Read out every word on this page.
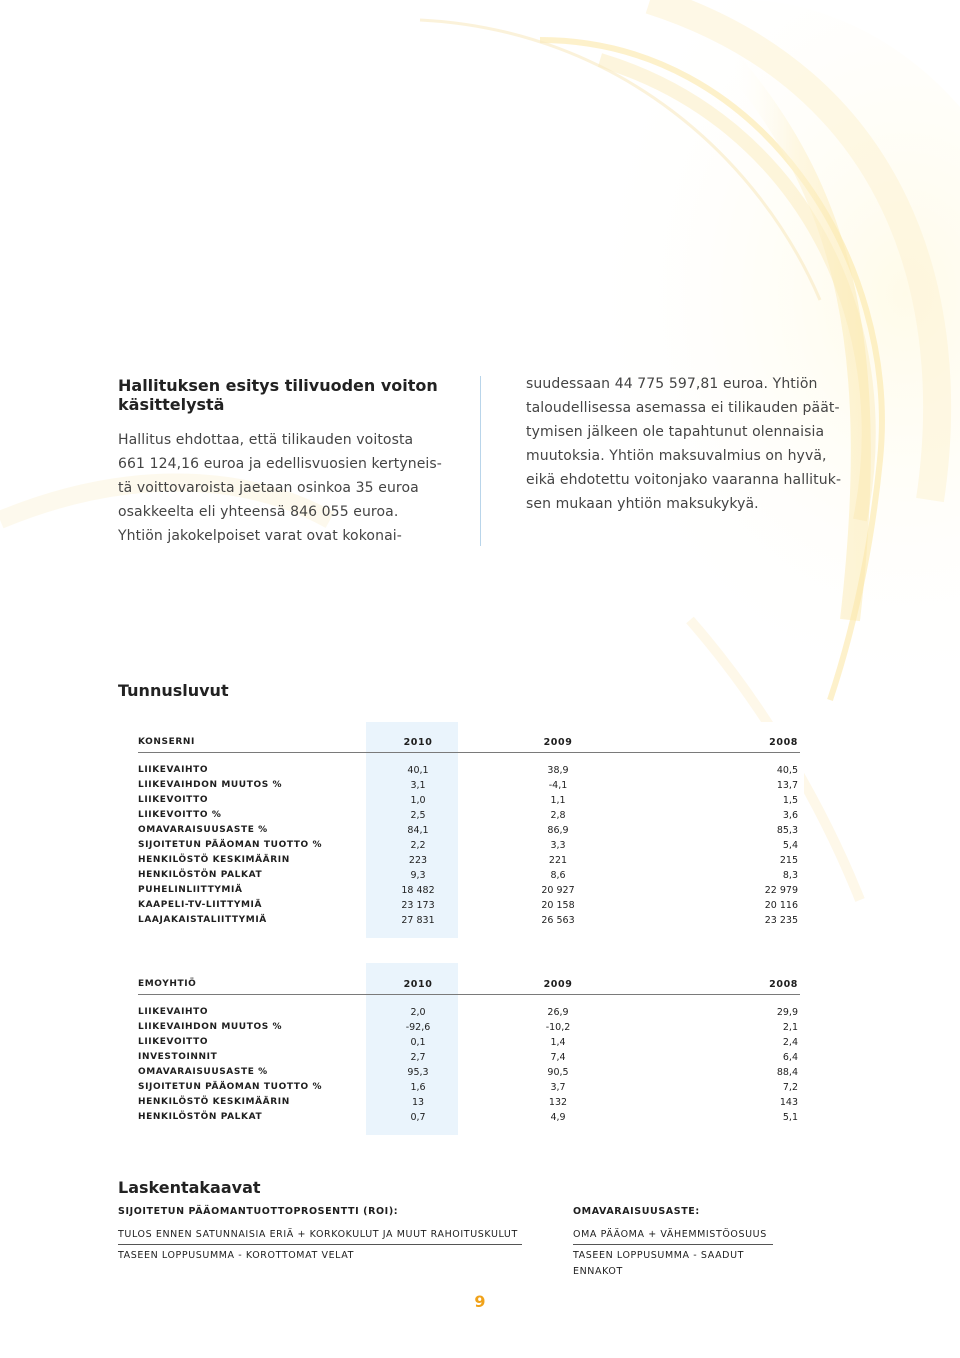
Hallituksen esitys tilivuoden voiton
käsittelystä
Hallitus ehdottaa, että tilikauden voitosta
661 124,16 euroa ja edellisvuosien kertyneis-
tä voittovaroista jaetaan osinkoa 35 euroa
osakkeelta eli yhteensä 846 055 euroa.
Yhtiön jakokelpoiset varat ovat kokonai-
suudessaan 44 775 597,81 euroa. Yhtiön
taloudellisessa asemassa ei tilikauden päät-
tymisen jälkeen ole tapahtunut olennaisia
muutoksia. Yhtiön maksuvalmius on hyvä,
eikä ehdotettu voitonjako vaaranna hallituk-
sen mukaan yhtiön maksukykyä.
Tunnusluvut
KONSERNI	2010	2009	2008

LIIKEVAIHTO	40,1	38,9	40,5
LIIKEVAIHDON MUUTOS %	3,1	-4,1	13,7
LIIKEVOITTO	1,0	1,1	1,5
LIIKEVOITTO %	2,5	2,8	3,6
OMAVARAISUUSASTE %	84,1	86,9	85,3
SIJOITETUN PÄÄOMAN TUOTTO %	2,2	3,3	5,4
HENKILÖSTÖ KESKIMÄÄRIN	223	221	215
HENKILÖSTÖN PALKAT	9,3	8,6	8,3
PUHELINLIITTYMIÄ	18 482	20 927	22 979
KAAPELI-TV-LIITTYMIÄ	23 173	20 158	20 116
LAAJAKAISTALIITTYMIÄ	27 831	26 563	23 235
EMOYHTIÖ	2010	2009	2008

LIIKEVAIHTO	2,0	26,9	29,9
LIIKEVAIHDON MUUTOS %	-92,6	-10,2	2,1
LIIKEVOITTO	0,1	1,4	2,4
INVESTOINNIT	2,7	7,4	6,4
OMAVARAISUUSASTE %	95,3	90,5	88,4
SIJOITETUN PÄÄOMAN TUOTTO %	1,6	3,7	7,2
HENKILÖSTÖ KESKIMÄÄRIN	13	132	143
HENKILÖSTÖN PALKAT	0,7	4,9	5,1
Laskentakaavat
SIJOITETUN PÄÄOMANTUOTTOPROSENTTI (ROI):
TULOS ENNEN SATUNNAISIA ERIÄ + KORKOKULUT JA MUUT RAHOITUSKULUT
TASEEN LOPPUSUMMA - KOROTTOMAT VELAT
OMAVARAISUUSASTE:
OMA PÄÄOMA + VÄHEMMISTÖOSUUS
TASEEN LOPPUSUMMA - SAADUT ENNAKOT
9
